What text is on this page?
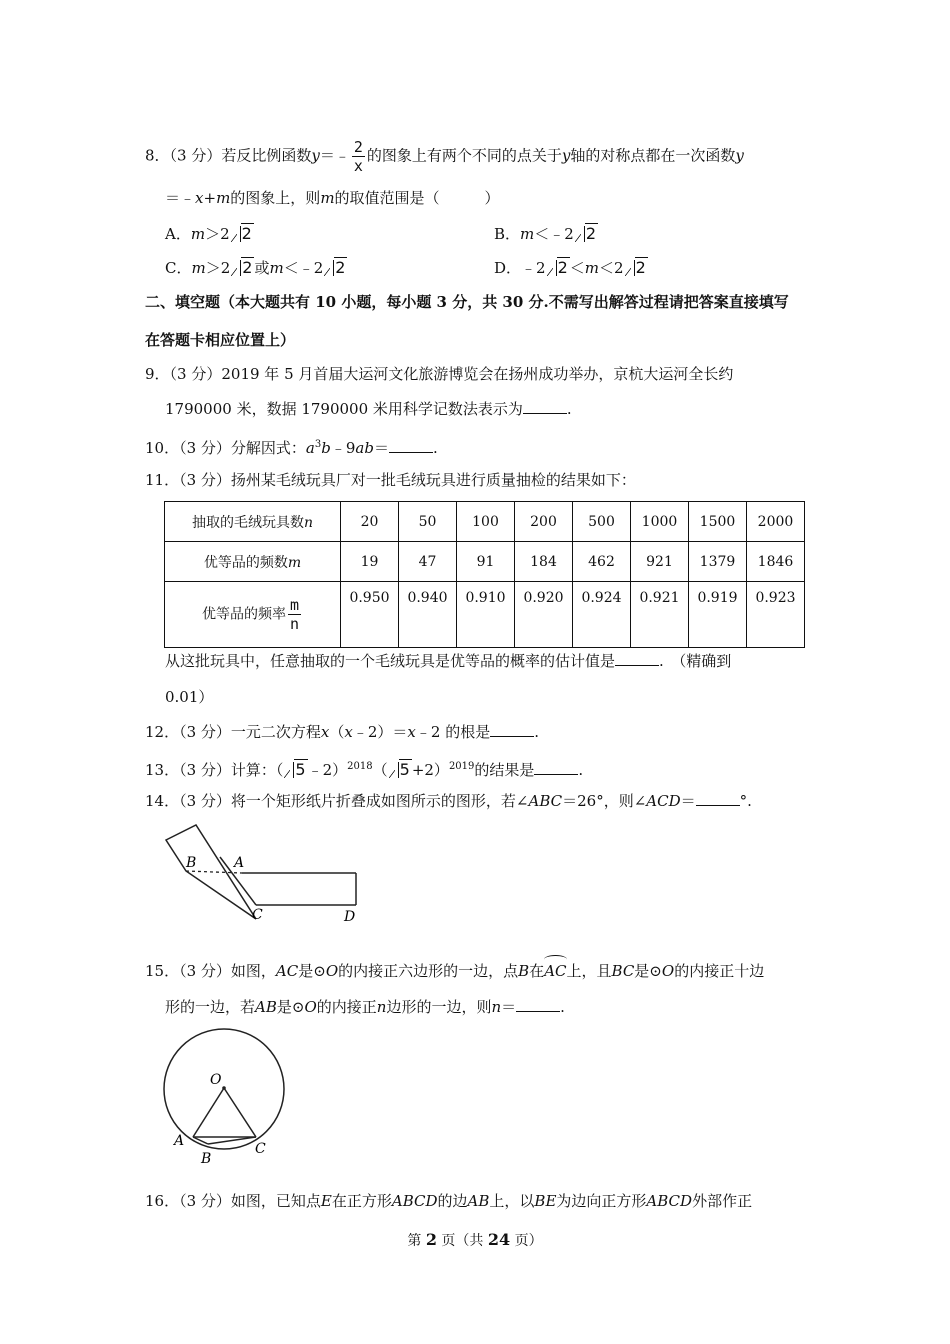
8．（3 分）若反比例函数y＝﹣ $\frac{2}{x}$ 的图象上有两个不同的点关于y轴的对称点都在一次函数y
＝﹣x+m的图象上，则m的取值范围是（　　　）
A．m＞2 2	B．m＜﹣2 2
C．m＞2 2 或m＜﹣2 2	D．﹣2 2 ＜m＜2 2
二、填空题（本大题共有 10 小题，每小题 3 分，共 30 分.不需写出解答过程请把答案直接填写
在答题卡相应位置上）
9．（3 分）2019 年 5 月首届大运河文化旅游博览会在扬州成功举办，京杭大运河全长约
1790000 米，数据 1790000 米用科学记数法表示为	.
10．（3 分）分解因式：$a^3b﹣9ab=$	.
11．（3 分）扬州某毛绒玩具厂对一批毛绒玩具进行质量抽检的结果如下：
抽取的毛绒玩具数n	20	50	100	200	500	1000	1500	2000
优等品的频数m	19	47	91	184	462	921	1379	1846
优等品的频率 $\frac{m}{n}$	0.950	0.940	0.910	0.920	0.924	0.921	0.919	0.923
从这批玩具中，任意抽取的一个毛绒玩具是优等品的概率的估计值是	.　（精确到
0.01）
12．（3 分）一元二次方程x（x﹣2）＝x﹣2 的根是	.
13．（3 分）计算：（ 5 ﹣2）$^{2018}$（ 5 +2）$^{2019}$的结果是	.
14．（3 分）将一个矩形纸片折叠成如图所示的图形，若∠ABC＝26°，则∠ACD＝	°.
B	A
C	D
15．（3 分）如图，AC是⊙O的内接正六边形的一边，点B在AC上，且BC是⊙O的内接正十边
形的一边，若AB是⊙O的内接正n边形的一边，则n＝	.
O
A
B
C
16．（3 分）如图，已知点E在正方形ABCD的边AB上，以BE为边向正方形ABCD外部作正
第 2 页（共 24 页）
